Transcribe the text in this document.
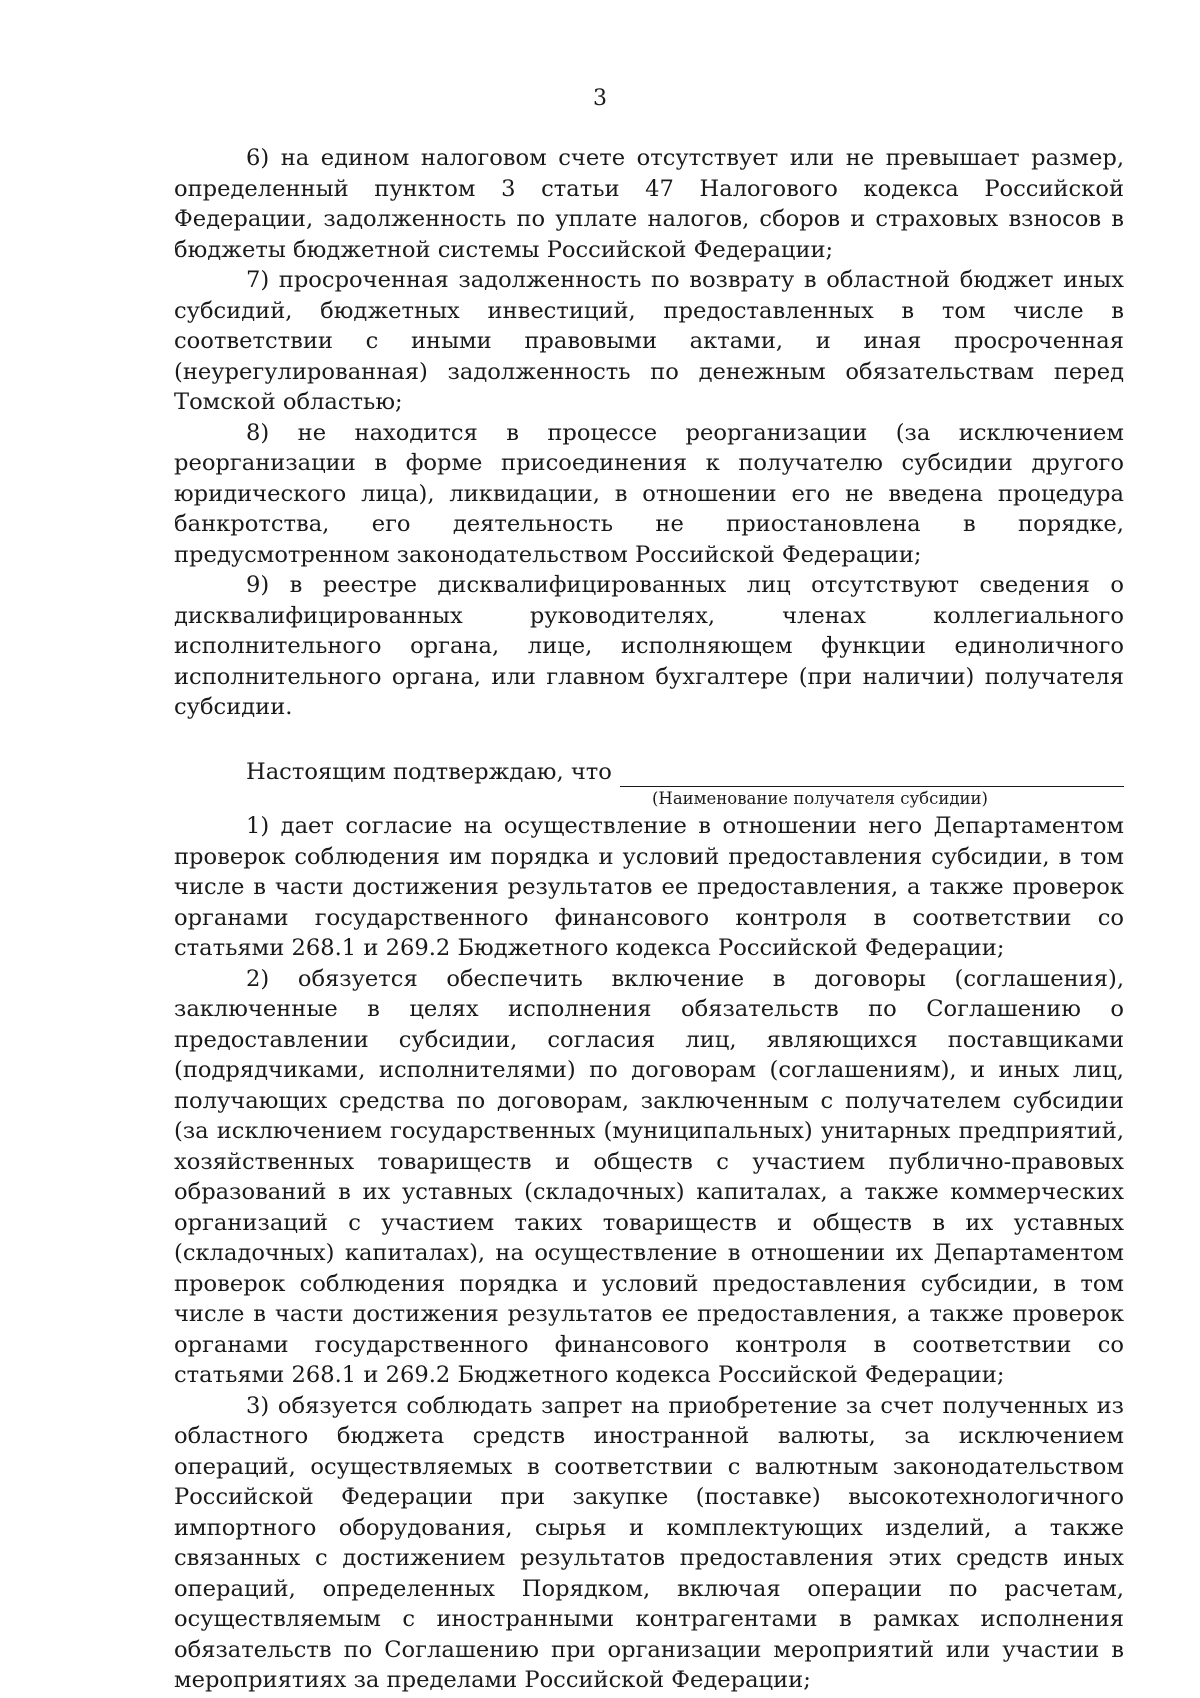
3

6) на едином налоговом счете отсутствует или не превышает размер, определенный пунктом 3 статьи 47 Налогового кодекса Российской Федерации, задолженность по уплате налогов, сборов и страховых взносов в бюджеты бюджетной системы Российской Федерации;

7) просроченная задолженность по возврату в областной бюджет иных субсидий, бюджетных инвестиций, предоставленных в том числе в соответствии с иными правовыми актами, и иная просроченная (неурегулированная) задолженность по денежным обязательствам перед Томской областью;

8) не находится в процессе реорганизации (за исключением реорганизации в форме присоединения к получателю субсидии другого юридического лица), ликвидации, в отношении его не введена процедура банкротства, его деятельность не приостановлена в порядке, предусмотренном законодательством Российской Федерации;

9) в реестре дисквалифицированных лиц отсутствуют сведения о дисквалифицированных руководителях, членах коллегиального исполнительного органа, лице, исполняющем функции единоличного исполнительного органа, или главном бухгалтере (при наличии) получателя субсидии.

Настоящим подтверждаю, что
(Наименование получателя субсидии)

1) дает согласие на осуществление в отношении него Департаментом проверок соблюдения им порядка и условий предоставления субсидии, в том числе в части достижения результатов ее предоставления, а также проверок органами государственного финансового контроля в соответствии со статьями 268.1 и 269.2 Бюджетного кодекса Российской Федерации;

2) обязуется обеспечить включение в договоры (соглашения), заключенные в целях исполнения обязательств по Соглашению о предоставлении субсидии, согласия лиц, являющихся поставщиками (подрядчиками, исполнителями) по договорам (соглашениям), и иных лиц, получающих средства по договорам, заключенным с получателем субсидии (за исключением государственных (муниципальных) унитарных предприятий, хозяйственных товариществ и обществ с участием публично-правовых образований в их уставных (складочных) капиталах, а также коммерческих организаций с участием таких товариществ и обществ в их уставных (складочных) капиталах), на осуществление в отношении их Департаментом проверок соблюдения порядка и условий предоставления субсидии, в том числе в части достижения результатов ее предоставления, а также проверок органами государственного финансового контроля в соответствии со статьями 268.1 и 269.2 Бюджетного кодекса Российской Федерации;

3) обязуется соблюдать запрет на приобретение за счет полученных из областного бюджета средств иностранной валюты, за исключением операций, осуществляемых в соответствии с валютным законодательством Российской Федерации при закупке (поставке) высокотехнологичного импортного оборудования, сырья и комплектующих изделий, а также связанных с достижением результатов предоставления этих средств иных операций, определенных Порядком, включая операции по расчетам, осуществляемым с иностранными контрагентами в рамках исполнения обязательств по Соглашению при организации мероприятий или участии в мероприятиях за пределами Российской Федерации;
